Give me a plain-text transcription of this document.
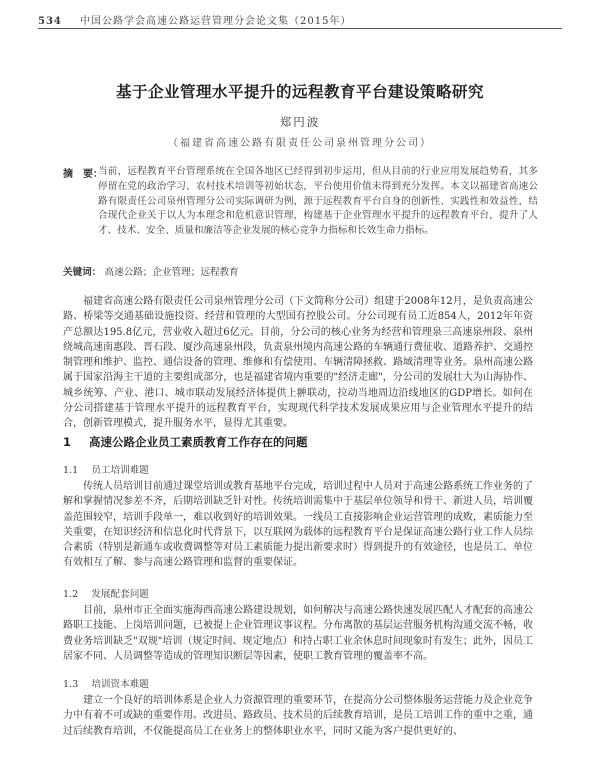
534 中国公路学会高速公路运营管理分会论文集（2015年）
基于企业管理水平提升的远程教育平台建设策略研究
郑円波
（福建省高速公路有限责任公司泉州管理分公司）
摘　要：
当前，远程教育平台管理系统在全国各地区已经得到初步运用，但从目前的行业应用发展趋势看，其多停留在党的政治学习、农村技术培训等初始状态，平台使用价值未得到充分发挥。本文以福建省高速公路有限责任公司泉州管理分公司实际调研为例，源于远程教育平台自身的创新性、实践性和效益性，结合现代企业关于以人为本理念和危机意识管理，构建基于企业管理水平提升的远程教育平台，提升了人才、技术、安全、质量和廉洁等企业发展的核心竞争力指标和长效生命力指标。
关键词： 高速公路；企业管理；远程教育

福建省高速公路有限责任公司泉州管理分公司（下文简称分公司）组建于2008年12月，是负责高速公路、桥梁等交通基础设施投资、经营和管理的大型国有控股公司。分公司现有员工近854人，2012年年资产总额达195.8亿元，营业收入超过6亿元。目前，分公司的核心业务为经营和管理泉三高速泉州段、泉州绕城高速南惠段、晋石段、厦沙高速泉州段，负责泉州境内高速公路的车辆通行费征收、道路养护、交通控制管理和维护、监控、通信设备的管理、维修和有偿使用、车辆清障拯救、路域清理等业务。泉州高速公路属于国家沿海主干道的主要组成部分，也是福建省境内重要的"经济走廊"，分公司的发展壮大为山海协作、城乡统筹、产业、港口、城市联动发展经济体提供上翀联动，拉动当地周边沿线地区的GDP增长。如何在分公司搭建基于管理水平提升的远程教育平台，实现现代科学技术发展成果应用与企业管理水平提升的结合，创新管理模式，提升服务水平，显得尤其重要。

1 高速公路企业员工素质教育工作存在的问题
1.1 员工培训难题

传统人员培训目前通过课堂培训或教育基地平台完成，培训过程中人员对于高速公路系统工作业务的了解和掌握情况参差不齐，后期培训缺乏针对性。传统培训需集中于基层单位领导和骨干、新进人员，培训覆盖范围较窄，培训手段单一，难以收到好的培训效果。一线员工直接影响企业运营管理的成败，素质能力至关重要，在知识经济和信息化时代背景下，以互联网为载体的远程教育平台是保证高速公路行业工作人员综合素质（特别是新通车或收费调整等对员工素质能力提出新要求时）得到提升的有效途径，也是员工、单位有效相互了解、参与高速公路管理和监督的重要保证。

1.2 发展配套问题

目前，泉州市正全面实施海西高速公路建设规划，如何解决与高速公路快速发展匹配人才配套的高速公路职工技能、上岗培训问题，已被提上企业管理议事议程。分布离散的基层运营服务机构沟通交流不畅，收费业务培训缺乏"双规"培训（规定时间、规定地点）和持占职工业余休息时间现象时有发生；此外，因员工居家不同、人员调整等造成的管理知识断层等因素，使职工教育管理的覆盖率不高。

1.3 培训资本难题

建立一个良好的培训体系是企业人力资源管理的重要环节，在提高分公司整体服务运营能力及企业竞争力中有着不可或缺的重要作用。改进员、路政员、技术员的后续教育培训，是员工培训工作的重中之重，通过后续教育培训，不仅能提高员工在业务上的整体职业水平，同时又能为客户提供更好的、
